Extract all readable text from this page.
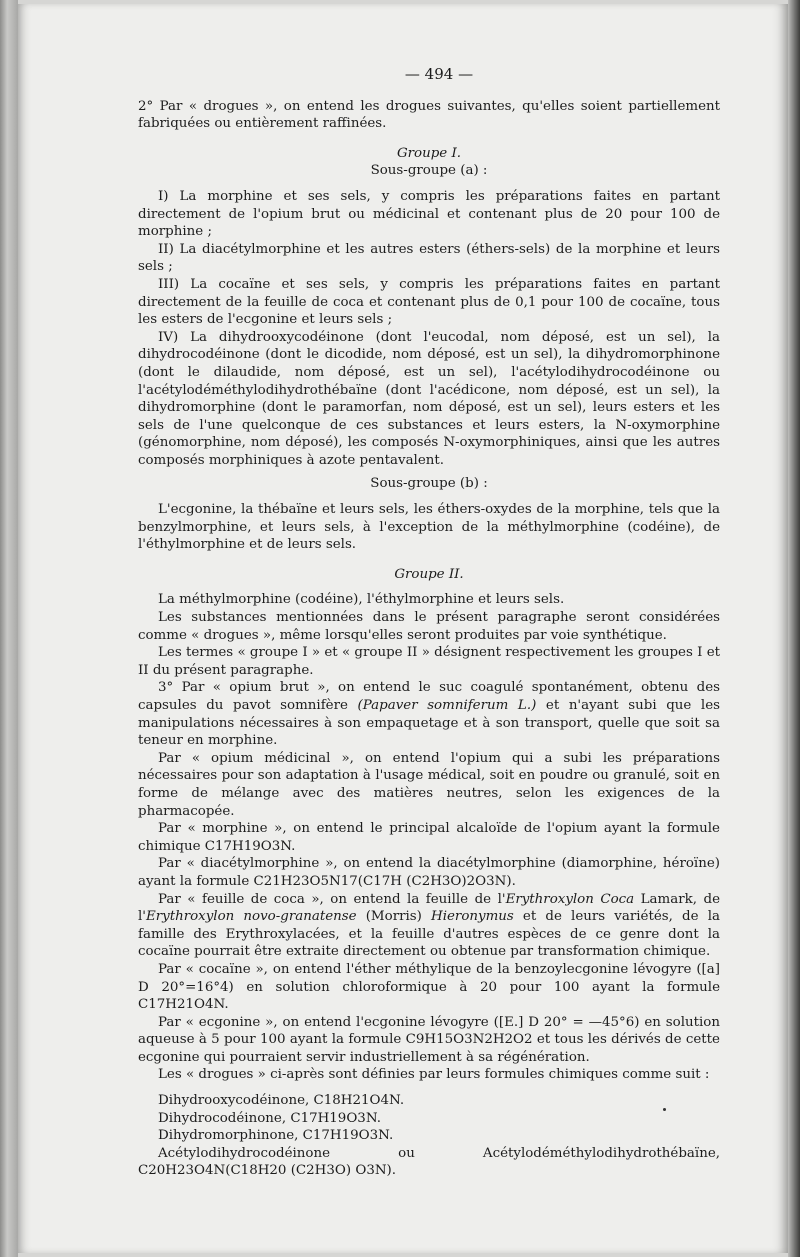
— 494 —

2° Par « drogues », on entend les drogues suivantes, qu'elles soient partiellement fabriquées ou entièrement raffinées.

Groupe I.

Sous-groupe (a) :

I) La morphine et ses sels, y compris les préparations faites en partant directement de l'opium brut ou médicinal et contenant plus de 20 pour 100 de morphine ;

II) La diacétylmorphine et les autres esters (éthers-sels) de la morphine et leurs sels ;

III) La cocaïne et ses sels, y compris les préparations faites en partant directement de la feuille de coca et contenant plus de 0,1 pour 100 de cocaïne, tous les esters de l'ecgonine et leurs sels ;

IV) La dihydrooxycodéinone (dont l'eucodal, nom déposé, est un sel), la dihydrocodéinone (dont le dicodide, nom déposé, est un sel), la dihydromorphinone (dont le dilaudide, nom déposé, est un sel), l'acétylodihydrocodéinone ou l'acétylodéméthylodihydrothébaïne (dont l'acédicone, nom déposé, est un sel), la dihydromorphine (dont le paramorfan, nom déposé, est un sel), leurs esters et les sels de l'une quelconque de ces substances et leurs esters, la N-oxymorphine (génomorphine, nom déposé), les composés N-oxymorphiniques, ainsi que les autres composés morphiniques à azote pentavalent.

Sous-groupe (b) :

L'ecgonine, la thébaïne et leurs sels, les éthers-oxydes de la morphine, tels que la benzylmorphine, et leurs sels, à l'exception de la méthylmorphine (codéine), de l'éthylmorphine et de leurs sels.

Groupe II.

La méthylmorphine (codéine), l'éthylmorphine et leurs sels.

Les substances mentionnées dans le présent paragraphe seront considérées comme « drogues », même lorsqu'elles seront produites par voie synthétique.

Les termes « groupe I » et « groupe II » désignent respectivement les groupes I et II du présent paragraphe.

3° Par « opium brut », on entend le suc coagulé spontanément, obtenu des capsules du pavot somnifère (Papaver somniferum L.) et n'ayant subi que les manipulations nécessaires à son empaquetage et à son transport, quelle que soit sa teneur en morphine.

Par « opium médicinal », on entend l'opium qui a subi les préparations nécessaires pour son adaptation à l'usage médical, soit en poudre ou granulé, soit en forme de mélange avec des matières neutres, selon les exigences de la pharmacopée.

Par « morphine », on entend le principal alcaloïde de l'opium ayant la formule chimique C17H19O3N.

Par « diacétylmorphine », on entend la diacétylmorphine (diamorphine, héroïne) ayant la formule C21H23O5N17(C17H (C2H3O)2O3N).

Par « feuille de coca », on entend la feuille de l'Erythroxylon Coca Lamark, de l'Erythroxylon novo-granatense (Morris) Hieronymus et de leurs variétés, de la famille des Erythroxylacées, et la feuille d'autres espèces de ce genre dont la cocaïne pourrait être extraite directement ou obtenue par transformation chimique.

Par « cocaïne », on entend l'éther méthylique de la benzoylecgonine lévogyre ([a] D 20°=16°4) en solution chloroformique à 20 pour 100 ayant la formule C17H21O4N.

Par « ecgonine », on entend l'ecgonine lévogyre ([E.] D 20° = —45°6) en solution aqueuse à 5 pour 100 ayant la formule C9H15O3N2H2O2 et tous les dérivés de cette ecgonine qui pourraient servir industriellement à sa régénération.

Les « drogues » ci-après sont définies par leurs formules chimiques comme suit :

Dihydrooxycodéinone, C18H21O4N.

Dihydrocodéinone, C17H19O3N.

Dihydromorphinone, C17H19O3N.

Acétylodihydrocodéinone ou Acétylodéméthylodihydrothébaïne, C20H23O4N(C18H20 (C2H3O) O3N).
